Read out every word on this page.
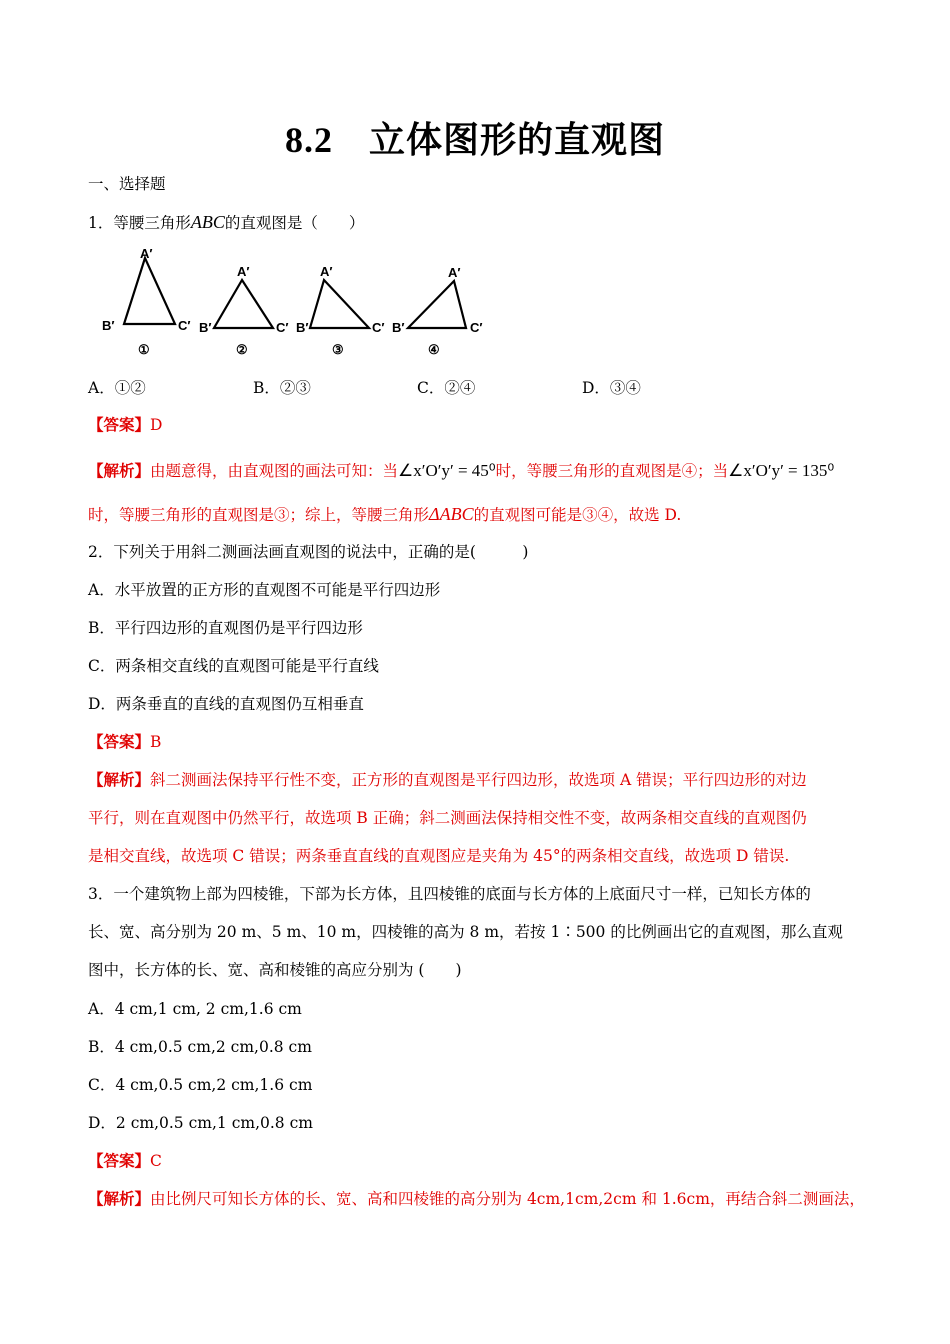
8.2 立体图形的直观图
一、选择题
1．等腰三角形ABC的直观图是（　　）
A′
B′	C′
①
A′
B′	C′
②
A′
B′	C′
③
A′
B′	C′
④
A．①②	B．②③	C．②④	D．③④
【答案】D
【解析】由题意得，由直观图的画法可知：当∠x′O′y′ = 45⁰时，等腰三角形的直观图是④；当∠x′O′y′ = 135⁰
时，等腰三角形的直观图是③；综上，等腰三角形ΔABC的直观图可能是③④，故选 D.
2．下列关于用斜二测画法画直观图的说法中，正确的是(　　　)
A．水平放置的正方形的直观图不可能是平行四边形
B．平行四边形的直观图仍是平行四边形
C．两条相交直线的直观图可能是平行直线
D．两条垂直的直线的直观图仍互相垂直
【答案】B
【解析】斜二测画法保持平行性不变，正方形的直观图是平行四边形，故选项 A 错误；平行四边形的对边
平行，则在直观图中仍然平行，故选项 B 正确；斜二测画法保持相交性不变，故两条相交直线的直观图仍
是相交直线，故选项 C 错误；两条垂直直线的直观图应是夹角为 45°的两条相交直线，故选项 D 错误.
3．一个建筑物上部为四棱锥，下部为长方体，且四棱锥的底面与长方体的上底面尺寸一样，已知长方体的
长、宽、高分别为 20 m、5 m、10 m，四棱锥的高为 8 m，若按 1∶500 的比例画出它的直观图，那么直观
图中，长方体的长、宽、高和棱锥的高应分别为 (　　)
A．4 cm,1 cm, 2 cm,1.6 cm
B．4 cm,0.5 cm,2 cm,0.8 cm
C．4 cm,0.5 cm,2 cm,1.6 cm
D．2 cm,0.5 cm,1 cm,0.8 cm
【答案】C
【解析】由比例尺可知长方体的长、宽、高和四棱锥的高分别为 4cm,1cm,2cm 和 1.6cm，再结合斜二测画法，
